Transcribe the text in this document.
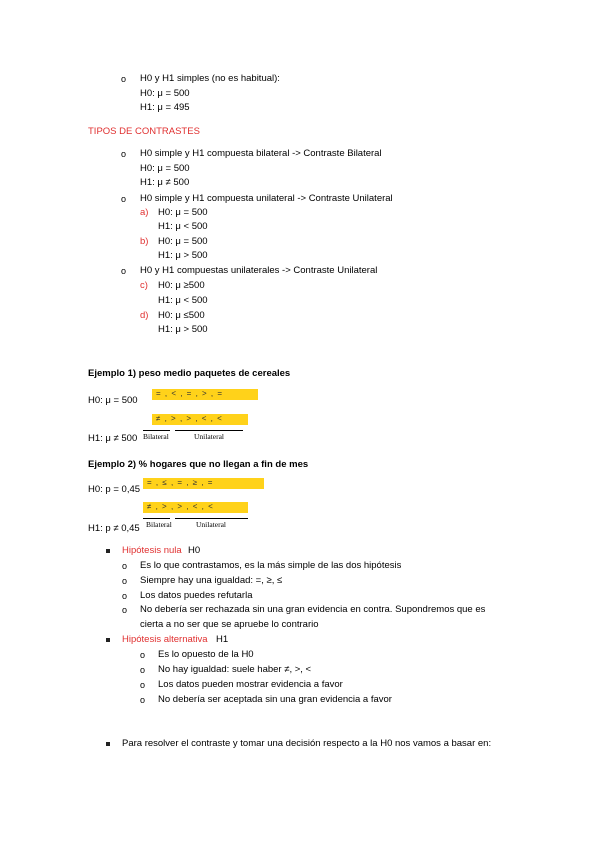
o H0 y H1 simples (no es habitual):
H0: μ = 500
H1: μ = 495
TIPOS DE CONTRASTES
o H0 simple y H1 compuesta bilateral -> Contraste Bilateral
H0: μ = 500
H1: μ ≠ 500
o H0 simple y H1 compuesta unilateral -> Contraste Unilateral
a) H0: μ = 500
H1: μ < 500
b) H0: μ = 500
H1: μ > 500
o H0 y H1 compuestas unilaterales -> Contraste Unilateral
c) H0: μ ≥500
H1: μ < 500
d) H0: μ ≤500
H1: μ > 500
Ejemplo 1) peso medio paquetes de cereales
H0: μ = 500
H1: μ ≠ 500
Ejemplo 2) % hogares que no llegan a fin de mes
H0: p = 0,45
H1: p ≠ 0,45
Hipótesis nula H0
o Es lo que contrastamos, es la más simple de las dos hipótesis
o Siempre hay una igualdad: =, ≥, ≤
o Los datos puedes refutarla
o No debería ser rechazada sin una gran evidencia en contra. Supondremos que es
cierta a no ser que se apruebe lo contrario
Hipótesis alternativa H1
o Es lo opuesto de la H0
o No hay igualdad: suele haber ≠, >, <
o Los datos pueden mostrar evidencia a favor
o No debería ser aceptada sin una gran evidencia a favor
Para resolver el contraste y tomar una decisión respecto a la H0 nos vamos a basar en:
= , < , = , > , =
≠ , > , > , < , <
= , ≤ , = , ≥ , =
≠ , > , > , < , <
Bilateral	Unilateral
Bilateral	Unilateral
